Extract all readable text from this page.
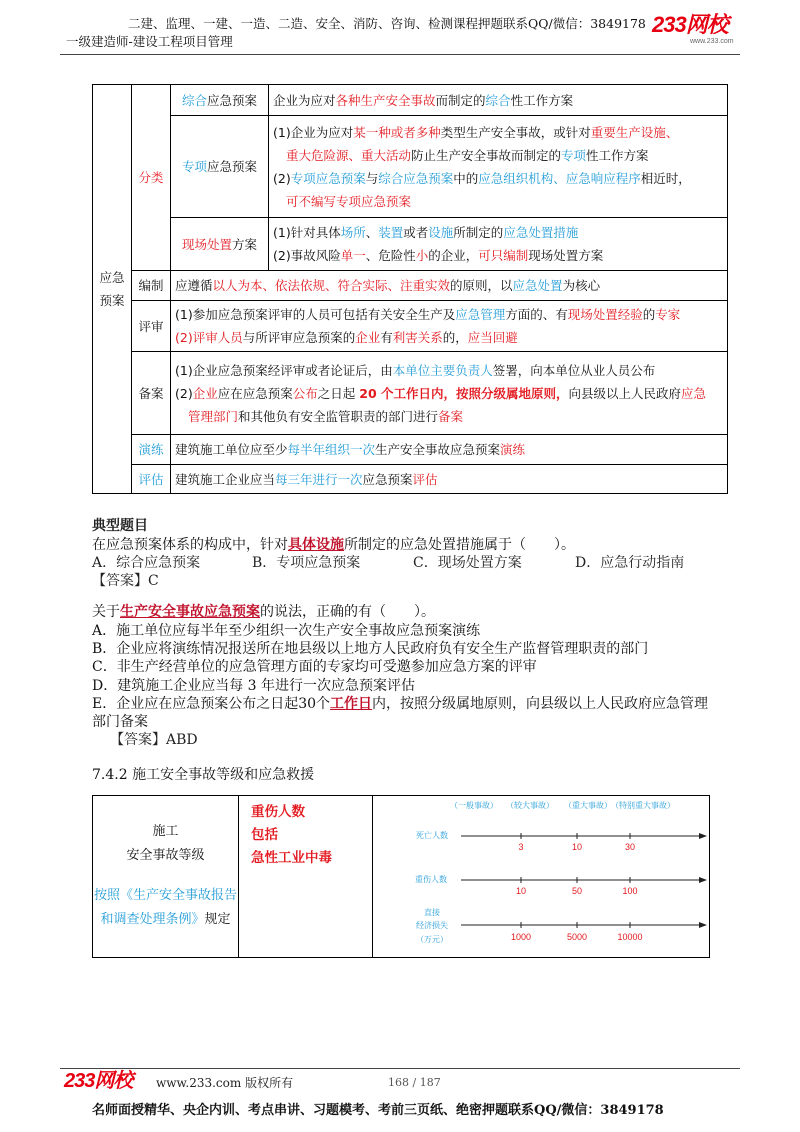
二建、监理、一建、一造、二造、安全、消防、咨询、检测课程押题联系QQ/微信：3849178
一级建造师-建设工程项目管理
233网校
www.233.com
应急预案	分类	综合应急预案	企业为应对各种生产安全事故而制定的综合性工作方案

		专项应急预案	(1)企业为应对某一种或者多种类型生产安全事故，或针对重要生产设施、
重大危险源、重大活动防止生产安全事故而制定的专项性工作方案
(2)专项应急预案与综合应急预案中的应急组织机构、应急响应程序相近时，
可不编写专项应急预案

		现场处置方案	(1)针对具体场所、装置或者设施所制定的应急处置措施
(2)事故风险单一、危险性小的企业，可只编制现场处置方案

	编制	应遵循以人为本、依法依规、符合实际、注重实效的原则，以应急处置为核心	

	评审	(1)参加应急预案评审的人员可包括有关安全生产及应急管理方面的、有现场处置经验的专家
(2)评审人员与所评审应急预案的企业有利害关系的，应当回避	

	备案	(1)企业应急预案经评审或者论证后，由本单位主要负责人签署，向本单位从业人员公布
(2)企业应在应急预案公布之日起 20 个工作日内，按照分级属地原则，向县级以上人民政府应急
管理部门和其他负有安全监管职责的部门进行备案	

	演练	建筑施工单位应至少每半年组织一次生产安全事故应急预案演练	

	评估	建筑施工企业应当每三年进行一次应急预案评估	
典型题目
在应急预案体系的构成中，针对具体设施所制定的应急处置措施属于（　　）。
A．综合应急预案	B．专项应急预案	C．现场处置方案	D．应急行动指南
【答案】C
关于生产安全事故应急预案的说法，正确的有（　　）。
A．施工单位应每半年至少组织一次生产安全事故应急预案演练
B．企业应将演练情况报送所在地县级以上地方人民政府负有安全生产监督管理职责的部门
C．非生产经营单位的应急管理方面的专家均可受邀参加应急方案的评审
D．建筑施工企业应当每 3 年进行一次应急预案评估
E．企业应在应急预案公布之日起30个工作日内，按照分级属地原则，向县级以上人民政府应急管理
部门备案
【答案】ABD
7.4.2 施工安全事故等级和应急救援
施工
安全事故等级
按照《生产安全事故报告
和调查处理条例》规定
重伤人数
包括
急性工业中毒
（一般事故） （较大事故） （重大事故） （特别重大事故）
死亡人数
3	10	30
重伤人数
10	50	100
直接
经济损失
（万元）	1000	5000	10000
233网校 www.233.com 版权所有	168 / 187
名师面授精华、央企内训、考点串讲、习题模考、考前三页纸、绝密押题联系QQ/微信：3849178
